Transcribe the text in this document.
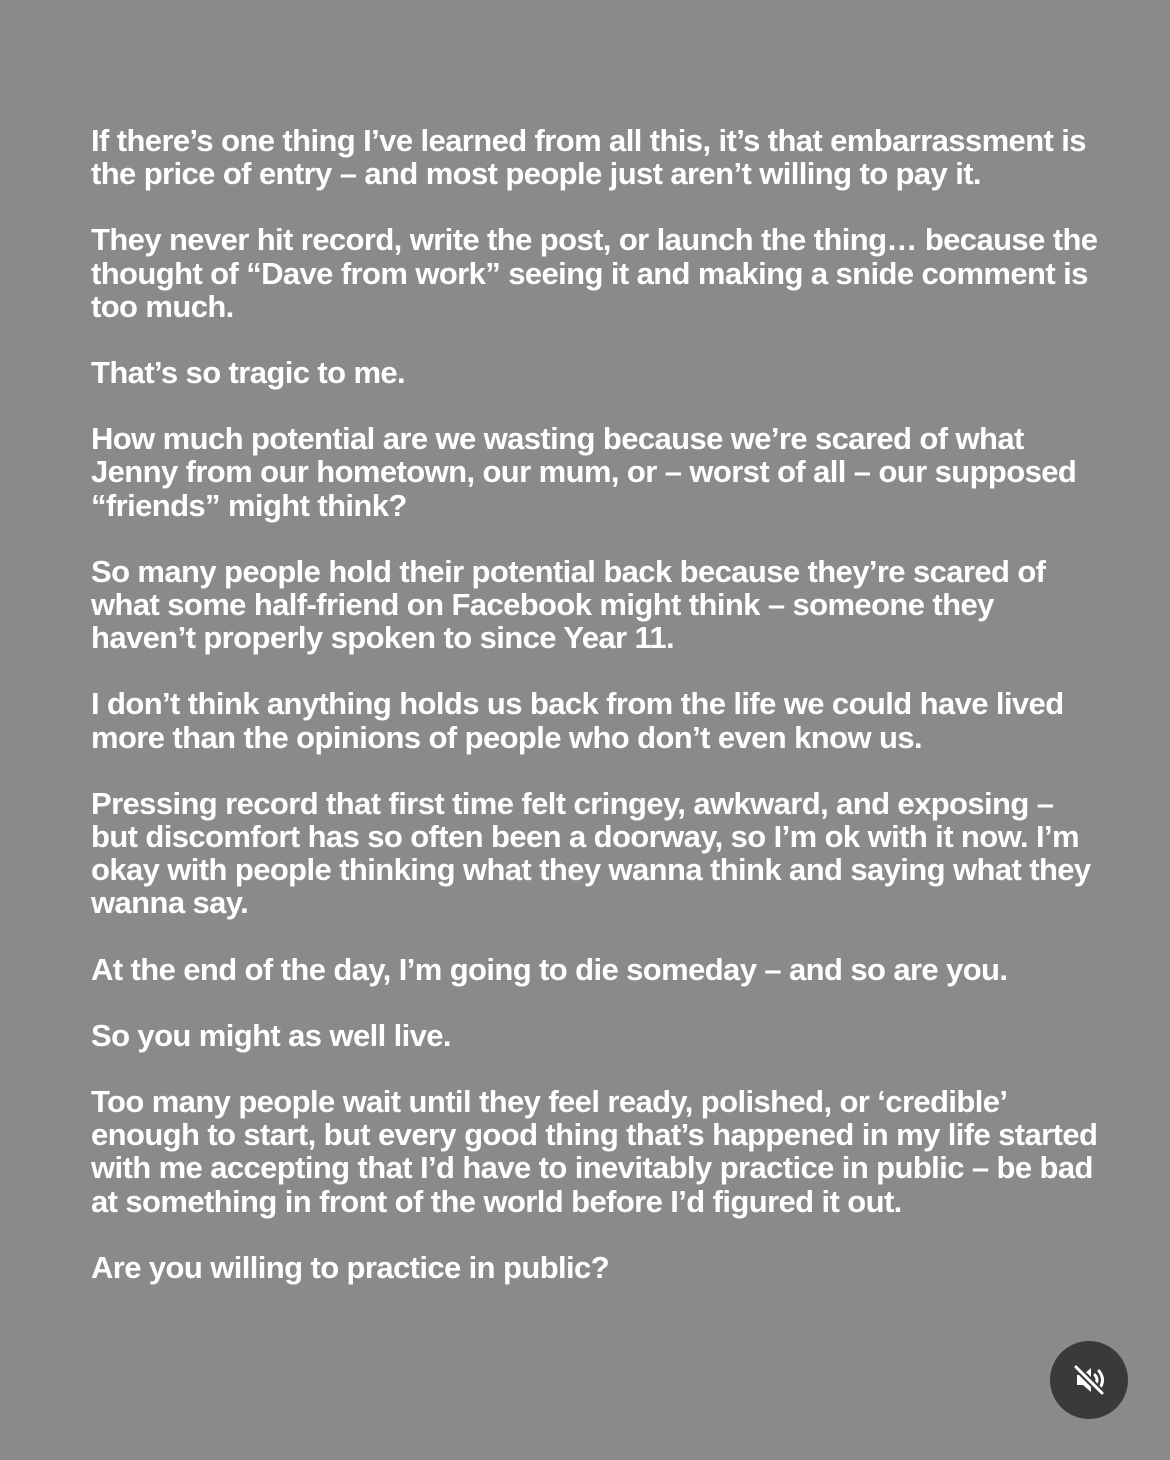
If there’s one thing I’ve learned from all this, it’s that embarrassment is the price of entry – and most people just aren’t willing to pay it.

They never hit record, write the post, or launch the thing… because the thought of “Dave from work” seeing it and making a snide comment is too much.

That’s so tragic to me.

How much potential are we wasting because we’re scared of what Jenny from our hometown, our mum, or – worst of all – our supposed “friends” might think?

So many people hold their potential back because they’re scared of what some half-friend on Facebook might think – someone they haven’t properly spoken to since Year 11.

I don’t think anything holds us back from the life we could have lived more than the opinions of people who don’t even know us.

Pressing record that first time felt cringey, awkward, and exposing – but discomfort has so often been a doorway, so I’m ok with it now. I’m okay with people thinking what they wanna think and saying what they wanna say.

At the end of the day, I’m going to die someday – and so are you.

So you might as well live.

Too many people wait until they feel ready, polished, or ‘credible’ enough to start, but every good thing that’s happened in my life started with me accepting that I’d have to inevitably practice in public – be bad at something in front of the world before I’d figured it out.

Are you willing to practice in public?
